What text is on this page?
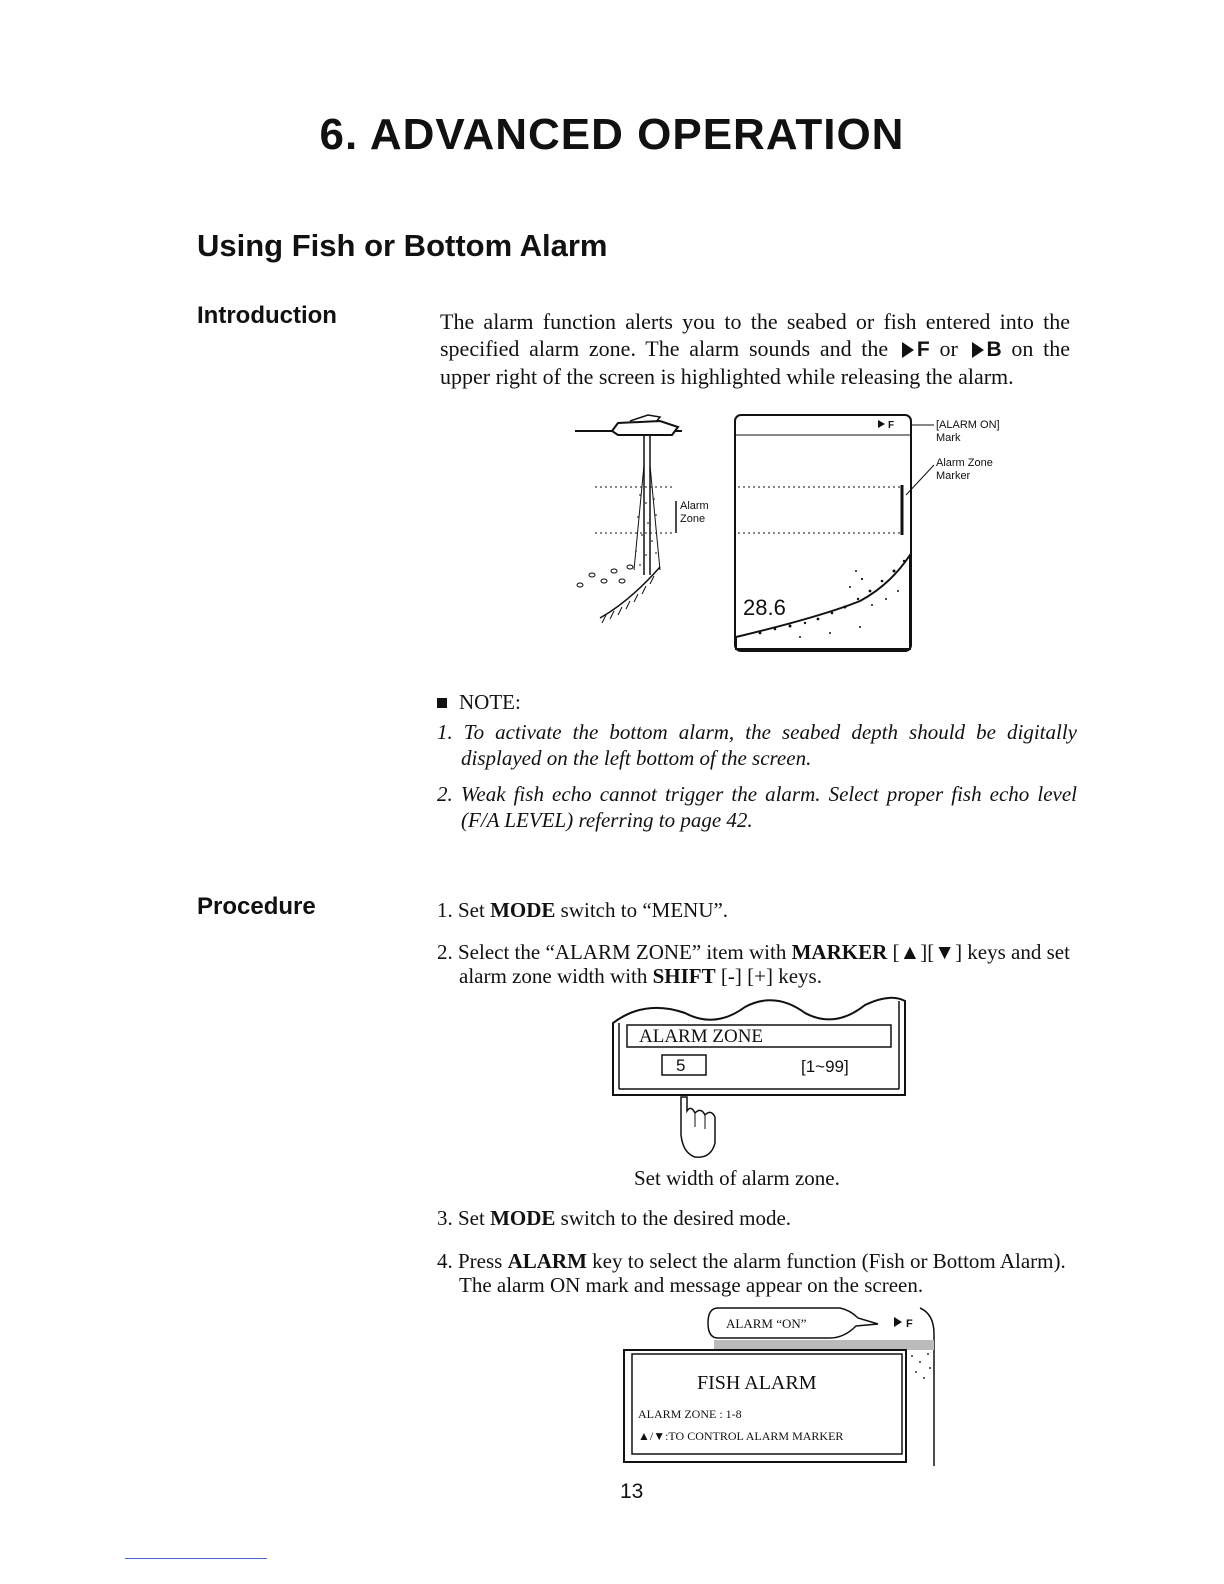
6. ADVANCED OPERATION
Using Fish or Bottom Alarm
Introduction	The alarm function alerts you to the seabed or fish entered into the specified alarm zone. The alarm sounds and the F or B on the upper right of the screen is highlighted while releasing the alarm.
Alarm
Zone
F
28.6
[ALARM ON]
Mark
Alarm Zone
Marker
NOTE:
1. To activate the bottom alarm, the seabed depth should be digitally displayed on the left bottom of the screen.
2. Weak fish echo cannot trigger the alarm. Select proper fish echo level (F/A LEVEL) referring to page 42.
Procedure	1. Set MODE switch to “MENU”.
2. Select the “ALARM ZONE” item with MARKER [▲][▼] keys and set alarm zone width with SHIFT [-] [+] keys.
ALARM ZONE
5	[1~99]
Set width of alarm zone.
3. Set MODE switch to the desired mode.
4. Press ALARM key to select the alarm function (Fish or Bottom Alarm). The alarm ON mark and message appear on the screen.
ALARM “ON”	F
FISH ALARM
ALARM ZONE : 1-8
▲/▼:TO CONTROL ALARM MARKER
13
